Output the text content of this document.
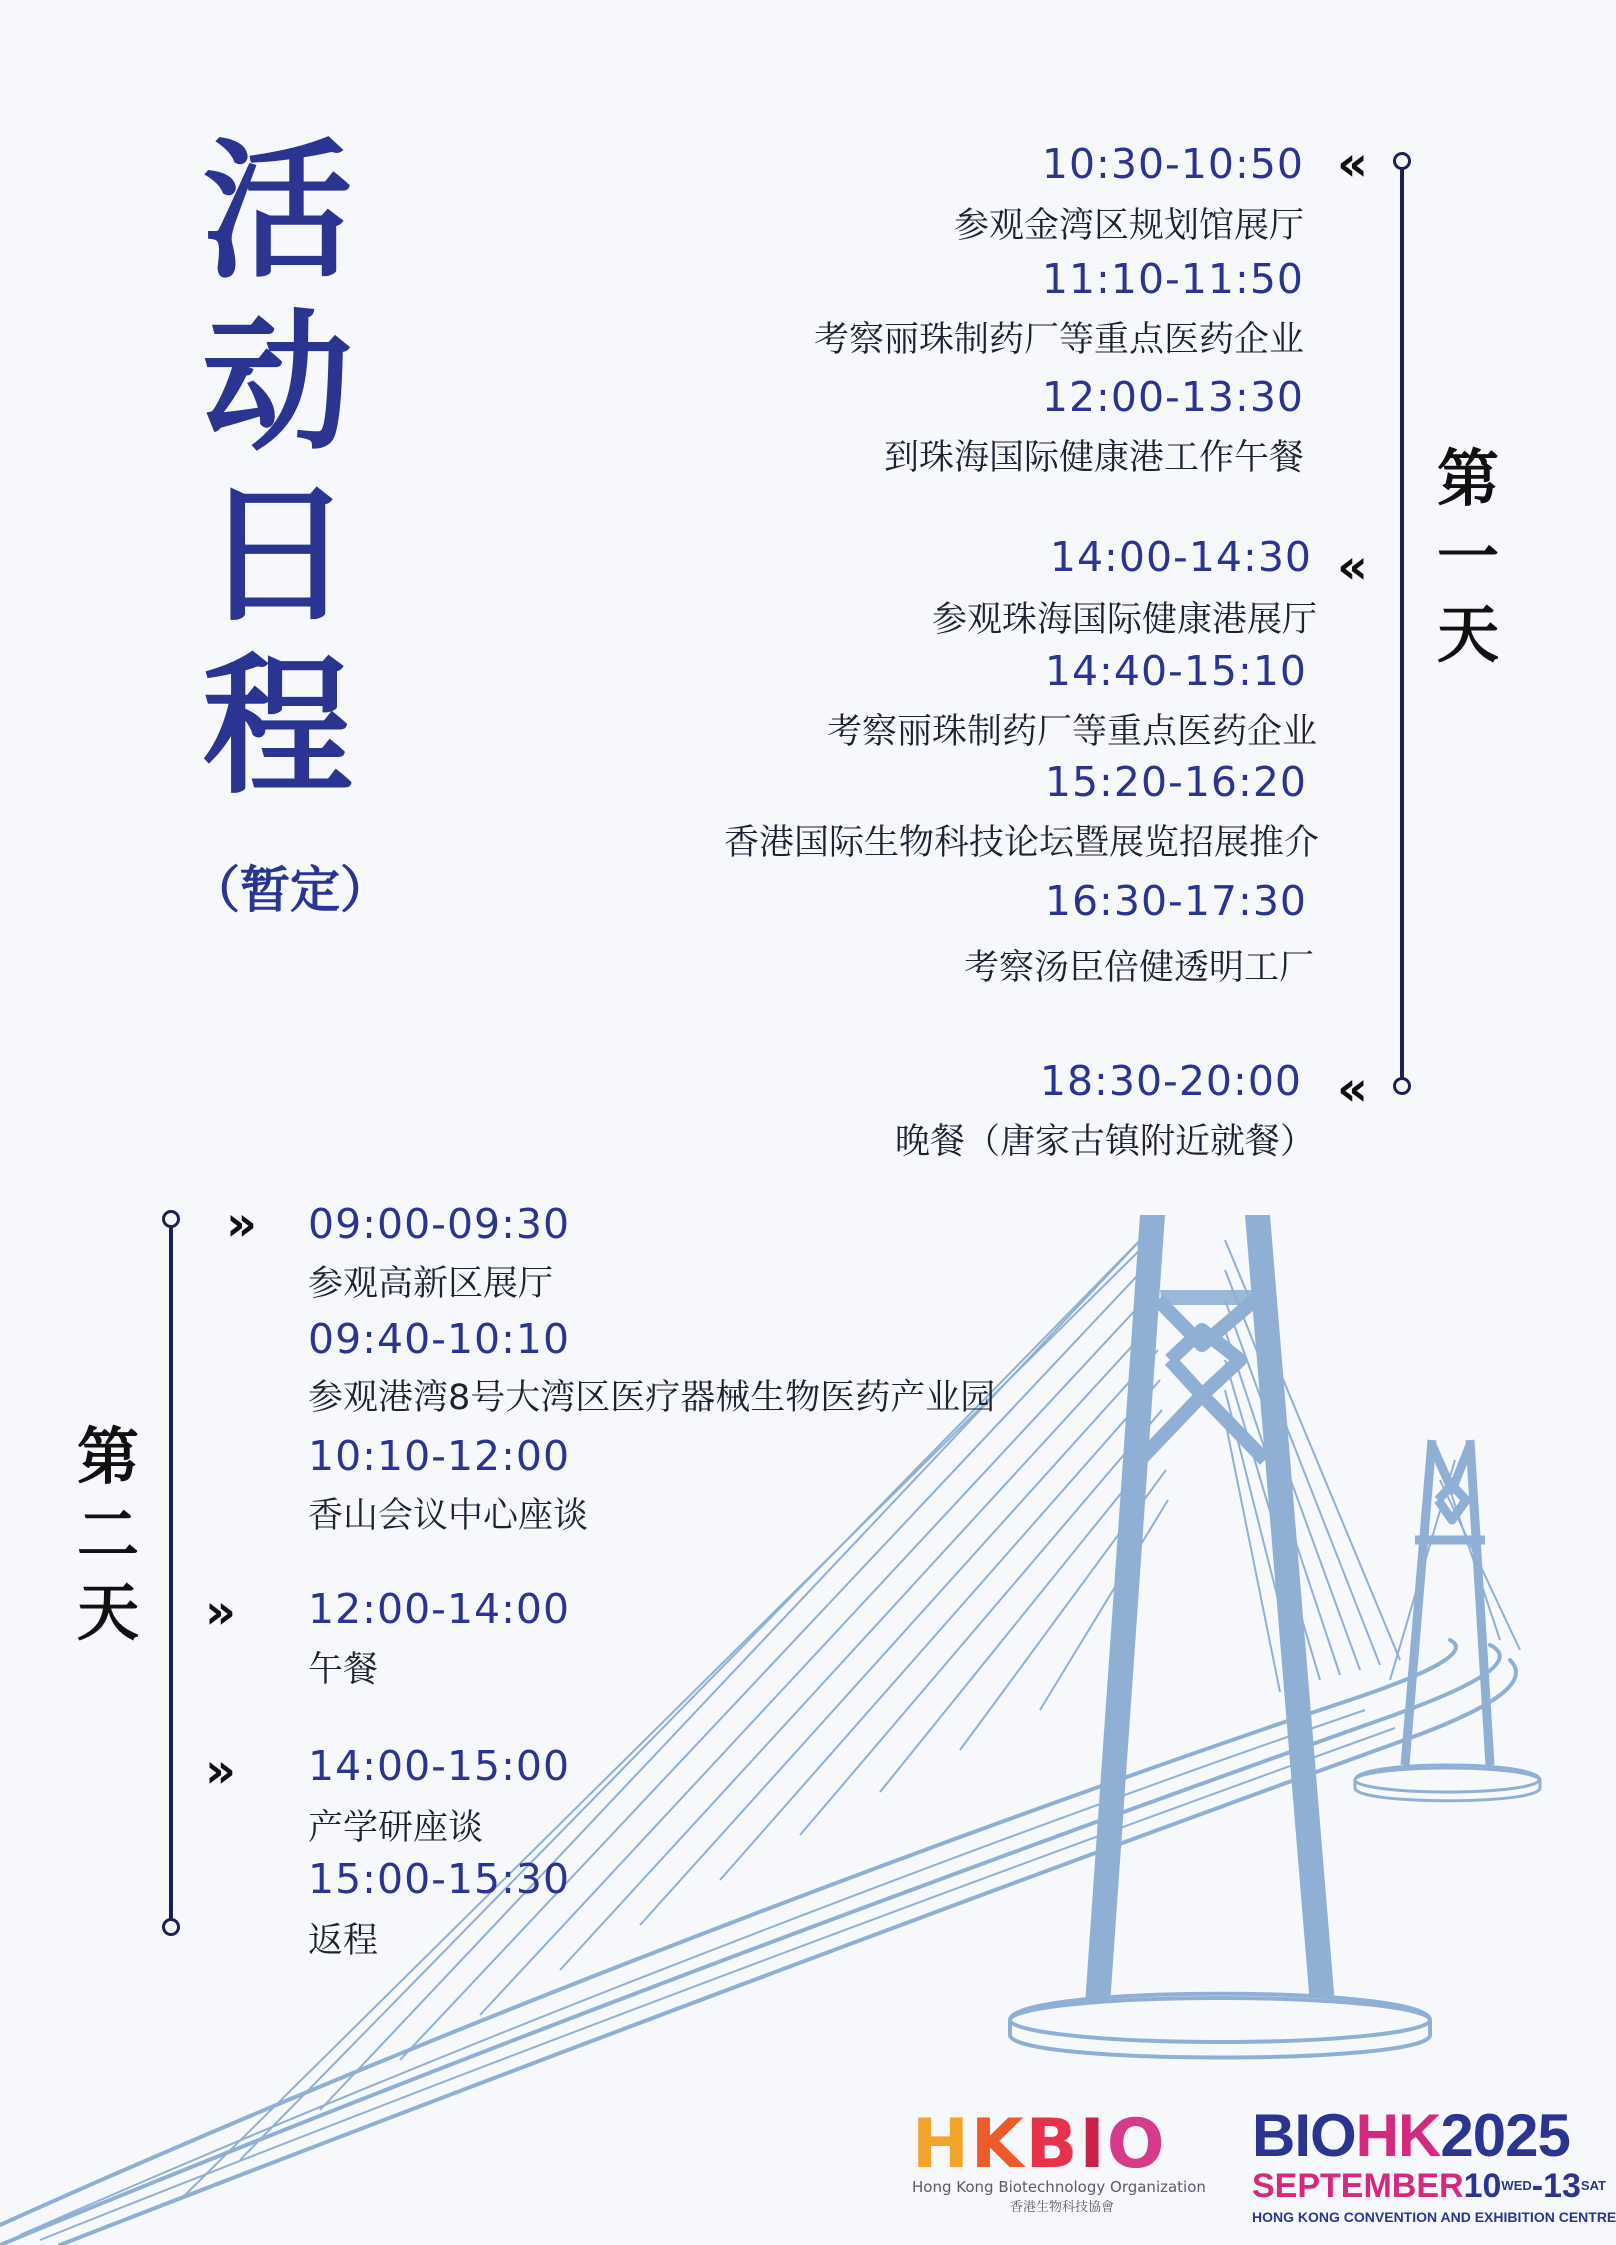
活
动
日
程
（暂定）
第
一
天
«
«
«
10:30-10:50
参观金湾区规划馆展厅
11:10-11:50
考察丽珠制药厂等重点医药企业
12:00-13:30
到珠海国际健康港工作午餐
14:00-14:30
参观珠海国际健康港展厅
14:40-15:10
考察丽珠制药厂等重点医药企业
15:20-16:20
香港国际生物科技论坛暨展览招展推介
16:30-17:30
考察汤臣倍健透明工厂
18:30-20:00
晚餐（唐家古镇附近就餐）
第
二
天
»
»
»
09:00-09:30
参观高新区展厅
09:40-10:10
参观港湾8号大湾区医疗器械生物医药产业园
10:10-12:00
香山会议中心座谈
12:00-14:00
午餐
14:00-15:00
产学研座谈
15:00-15:30
返程
HKBIO
Hong Kong Biotechnology Organization
香港生物科技協會
BIOHK2025
$SEPTEMBER10^{WED}-13^{SAT}$
HONG KONG CONVENTION AND EXHIBITION CENTRE
